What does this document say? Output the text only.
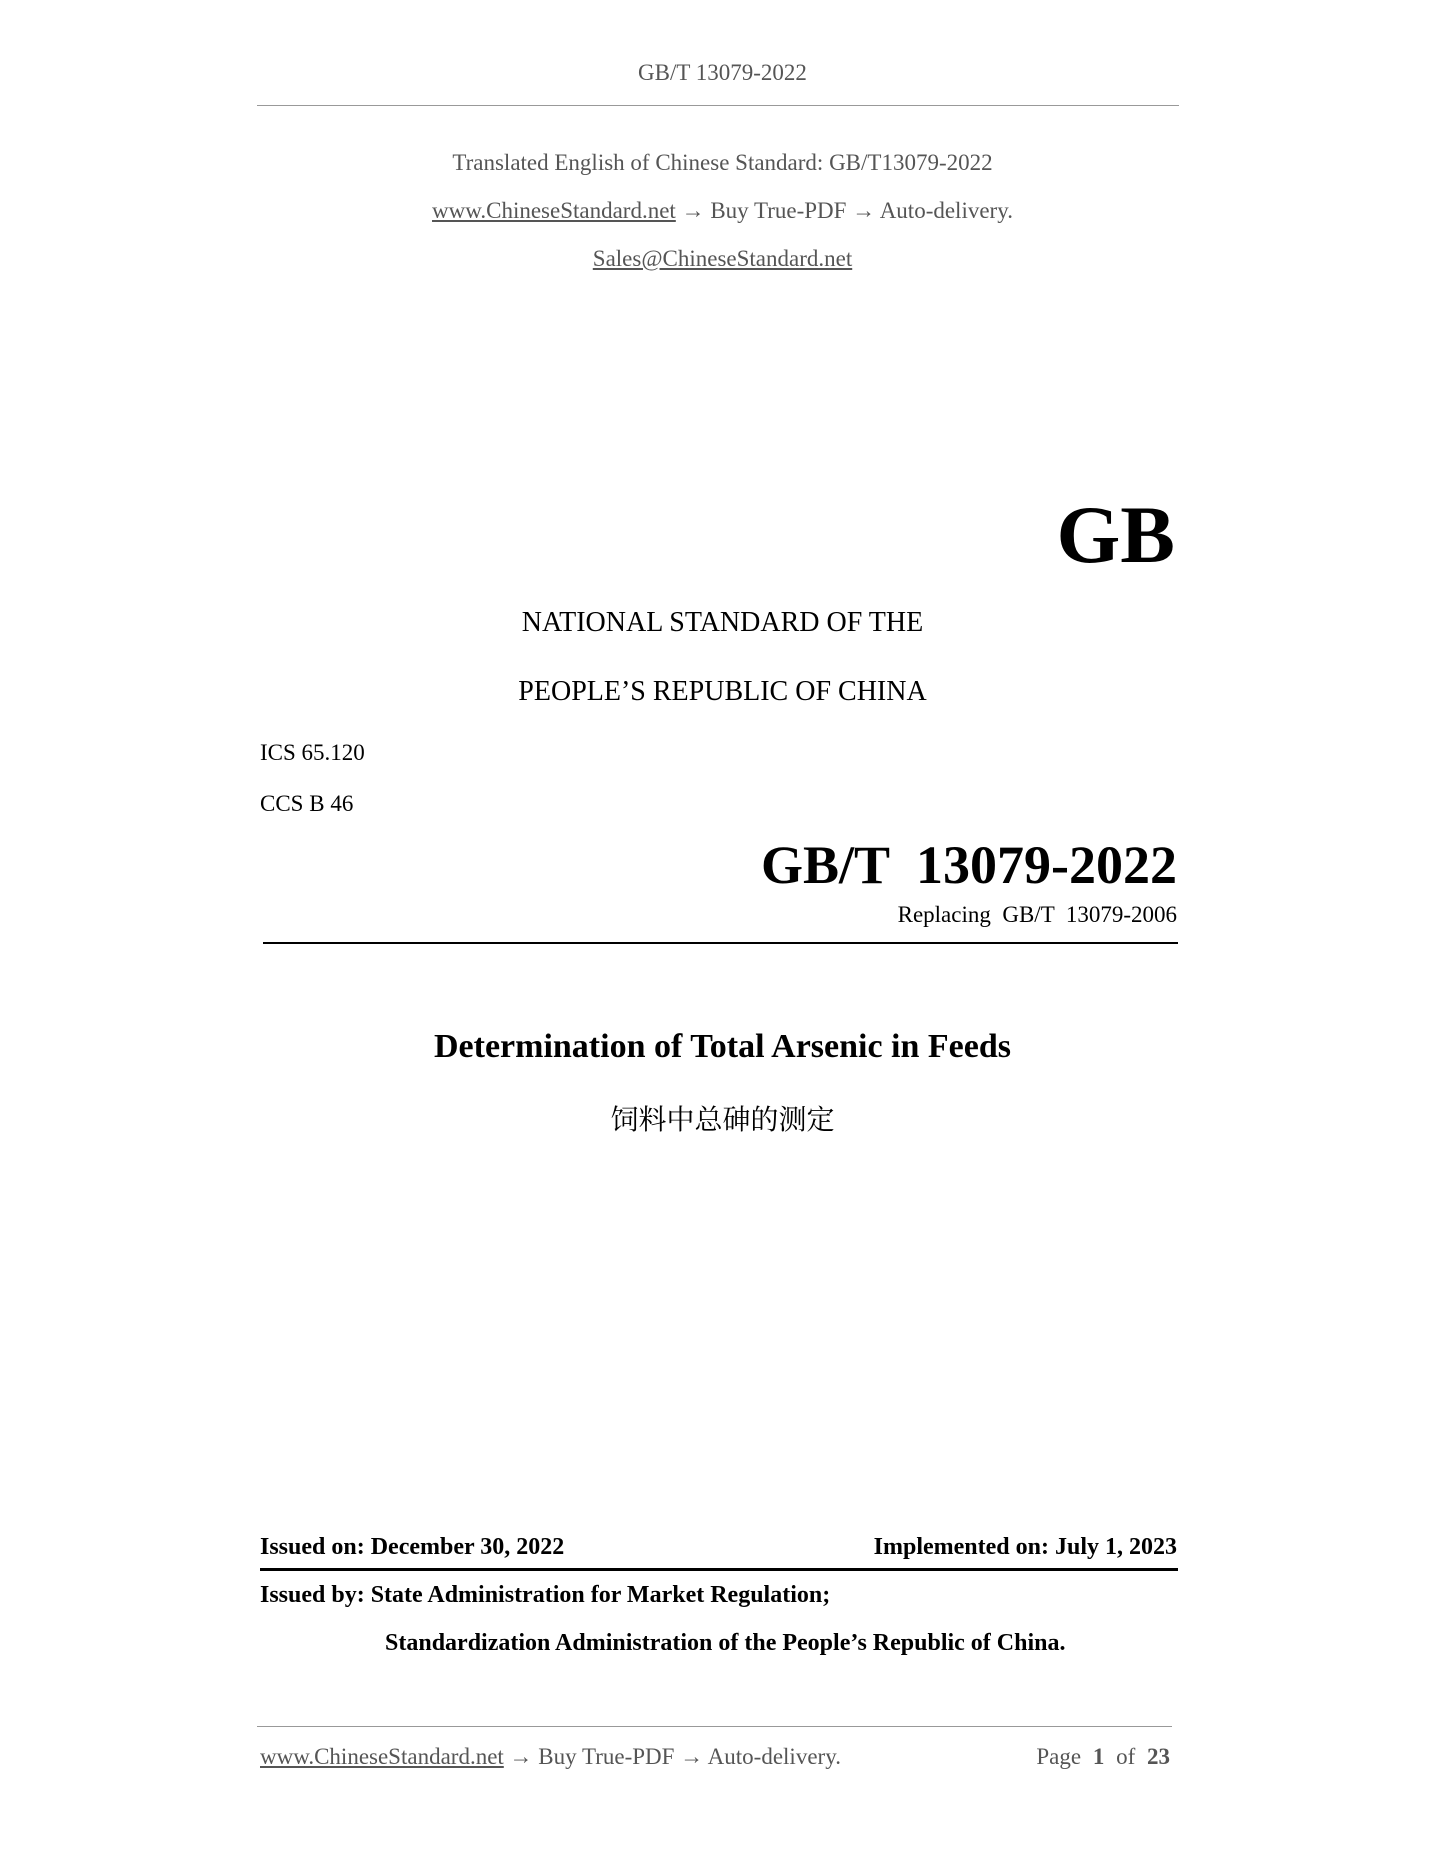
GB/T 13079-2022
Translated English of Chinese Standard: GB/T13079-2022
www.ChineseStandard.net → Buy True-PDF → Auto-delivery.
Sales@ChineseStandard.net
GB
NATIONAL STANDARD OF THE
PEOPLE’S REPUBLIC OF CHINA
ICS 65.120
CCS B 46
GB/T  13079-2022
Replacing  GB/T  13079-2006
Determination of Total Arsenic in Feeds
饲料中总砷的测定
Issued on: December 30, 2022	Implemented on: July 1, 2023
Issued by: State Administration for Market Regulation;
Standardization Administration of the People’s Republic of China.
www.ChineseStandard.net → Buy True-PDF → Auto-delivery.	Page 1 of 23
